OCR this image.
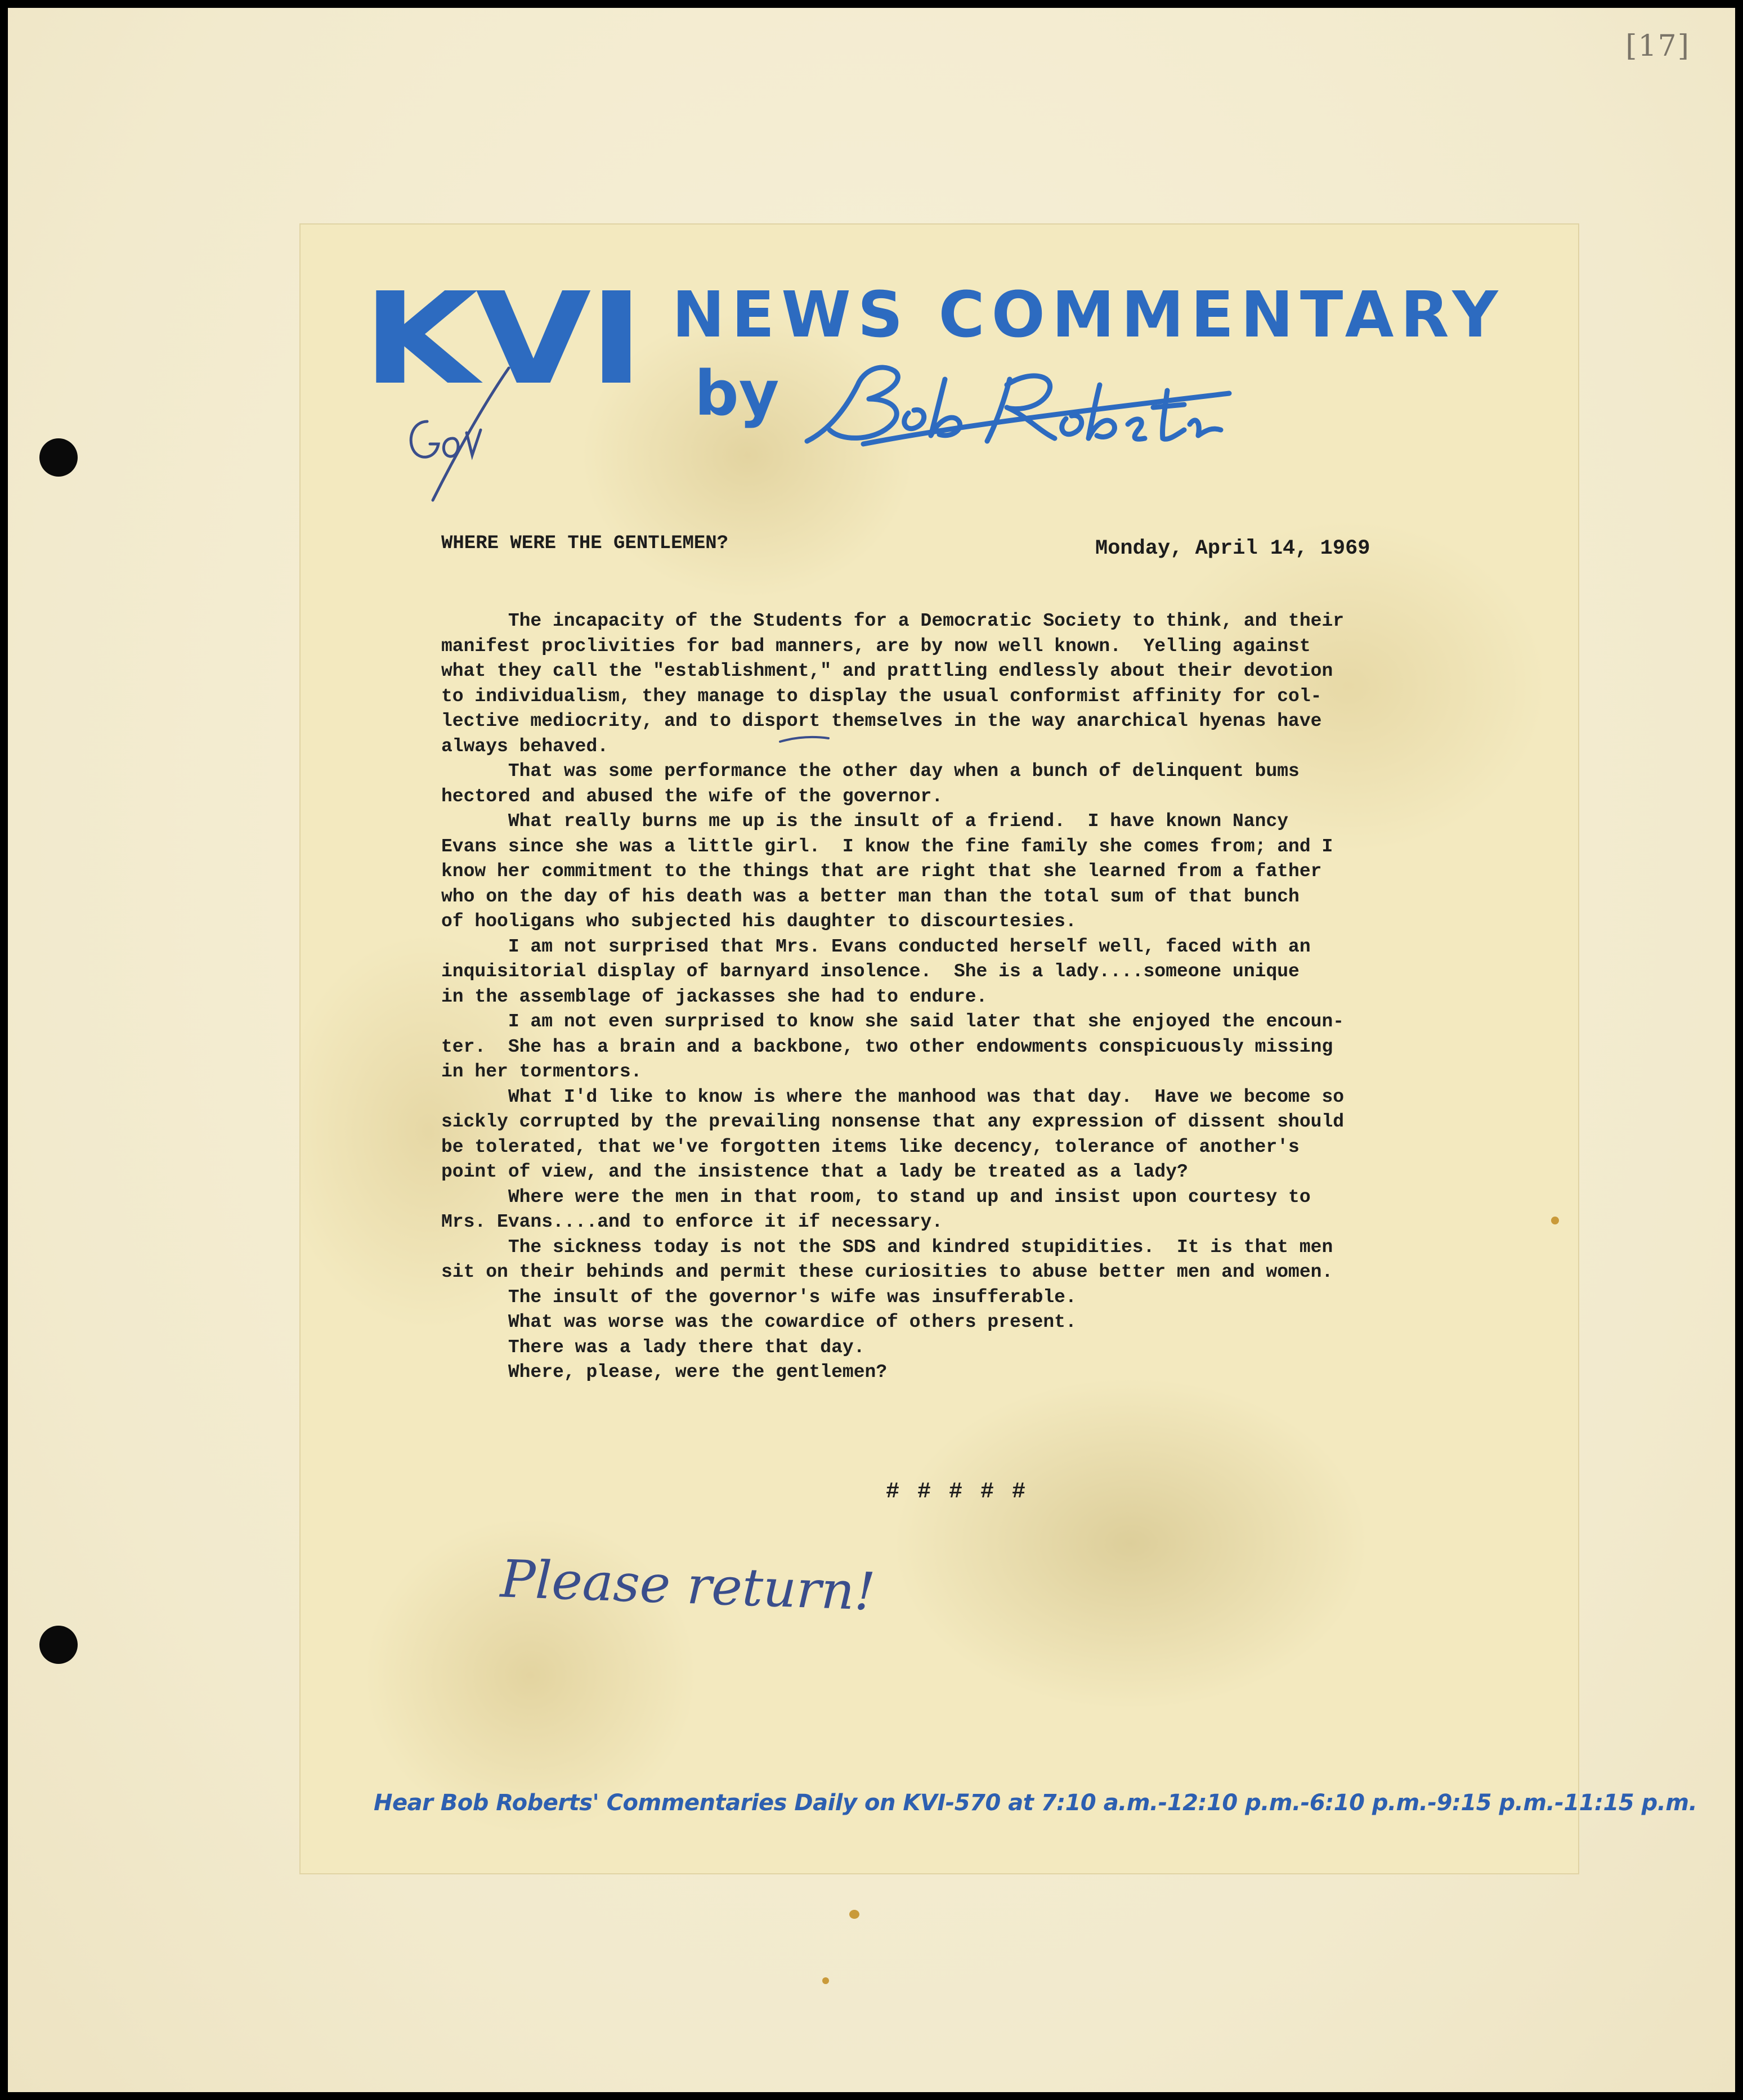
[17]
KVI NEWS COMMENTARY
by
WHERE WERE THE GENTLEMEN?	Monday, April 14, 1969
The incapacity of the Students for a Democratic Society to think, and their
manifest proclivities for bad manners, are by now well known.  Yelling against
what they call the "establishment," and prattling endlessly about their devotion
to individualism, they manage to display the usual conformist affinity for col-
lective mediocrity, and to disport themselves in the way anarchical hyenas have
always behaved.
That was some performance the other day when a bunch of delinquent bums
hectored and abused the wife of the governor.
What really burns me up is the insult of a friend.  I have known Nancy
Evans since she was a little girl.  I know the fine family she comes from; and I
know her commitment to the things that are right that she learned from a father
who on the day of his death was a better man than the total sum of that bunch
of hooligans who subjected his daughter to discourtesies.
I am not surprised that Mrs. Evans conducted herself well, faced with an
inquisitorial display of barnyard insolence.  She is a lady....someone unique
in the assemblage of jackasses she had to endure.
I am not even surprised to know she said later that she enjoyed the encoun-
ter.  She has a brain and a backbone, two other endowments conspicuously missing
in her tormentors.
What I'd like to know is where the manhood was that day.  Have we become so
sickly corrupted by the prevailing nonsense that any expression of dissent should
be tolerated, that we've forgotten items like decency, tolerance of another's
point of view, and the insistence that a lady be treated as a lady?
Where were the men in that room, to stand up and insist upon courtesy to
Mrs. Evans....and to enforce it if necessary.
The sickness today is not the SDS and kindred stupidities.  It is that men
sit on their behinds and permit these curiosities to abuse better men and women.
The insult of the governor's wife was insufferable.
What was worse was the cowardice of others present.
There was a lady there that day.
Where, please, were the gentlemen?

# # # # #
Please return!
Hear Bob Roberts' Commentaries Daily on KVI-570 at 7:10 a.m.-12:10 p.m.-6:10 p.m.-9:15 p.m.-11:15 p.m.
